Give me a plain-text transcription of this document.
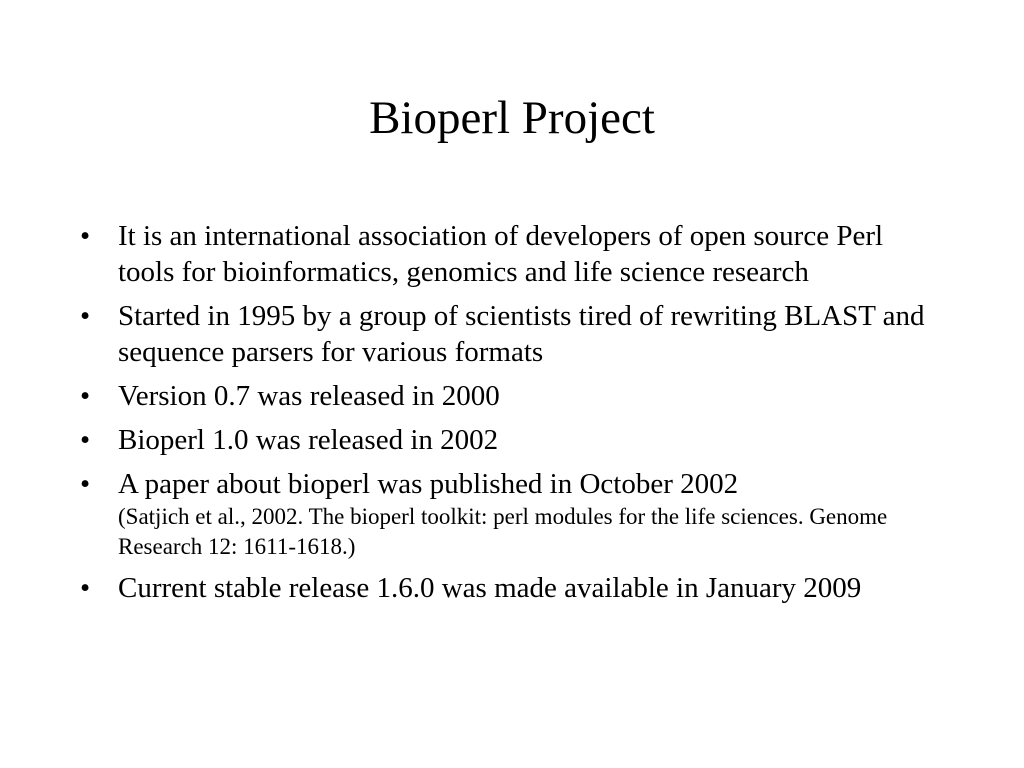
Bioperl Project
• It is an international association of developers of open source Perl tools for bioinformatics, genomics and life science research
• Started in 1995 by a group of scientists tired of rewriting BLAST and sequence parsers for various formats
• Version 0.7 was released in 2000
• Bioperl 1.0 was released in 2002
• A paper about bioperl was published in October 2002
(Satjich et al., 2002. The bioperl toolkit: perl modules for the life sciences. Genome Research 12: 1611-1618.)
• Current stable release 1.6.0 was made available in January 2009
